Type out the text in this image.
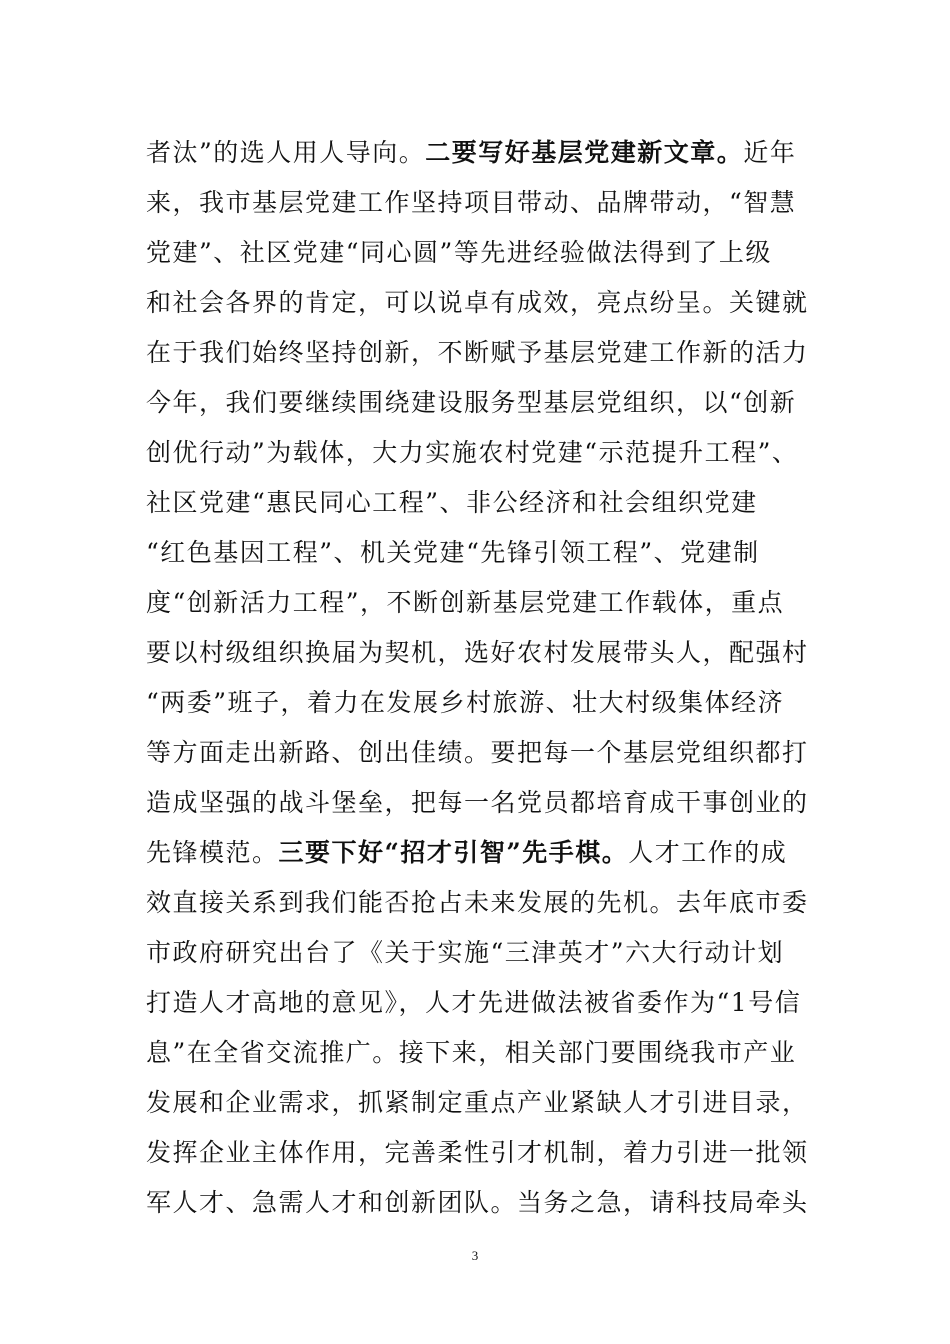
者汰”的选人用人导向。二要写好基层党建新文章。近年
来，我市基层党建工作坚持项目带动、品牌带动，“智慧
党建”、社区党建“同心圆”等先进经验做法得到了上级
和社会各界的肯定，可以说卓有成效，亮点纷呈。关键就
在于我们始终坚持创新，不断赋予基层党建工作新的活力
今年，我们要继续围绕建设服务型基层党组织，以“创新
创优行动”为载体，大力实施农村党建“示范提升工程”、
社区党建“惠民同心工程”、非公经济和社会组织党建
“红色基因工程”、机关党建“先锋引领工程”、党建制
度“创新活力工程”，不断创新基层党建工作载体，重点
要以村级组织换届为契机，选好农村发展带头人，配强村
“两委”班子，着力在发展乡村旅游、壮大村级集体经济
等方面走出新路、创出佳绩。要把每一个基层党组织都打
造成坚强的战斗堡垒，把每一名党员都培育成干事创业的
先锋模范。三要下好“招才引智”先手棋。人才工作的成
效直接关系到我们能否抢占未来发展的先机。去年底市委
市政府研究出台了《关于实施“三津英才”六大行动计划
打造人才高地的意见》，人才先进做法被省委作为“1号信
息”在全省交流推广。接下来，相关部门要围绕我市产业
发展和企业需求，抓紧制定重点产业紧缺人才引进目录，
发挥企业主体作用，完善柔性引才机制，着力引进一批领
军人才、急需人才和创新团队。当务之急，请科技局牵头
3
